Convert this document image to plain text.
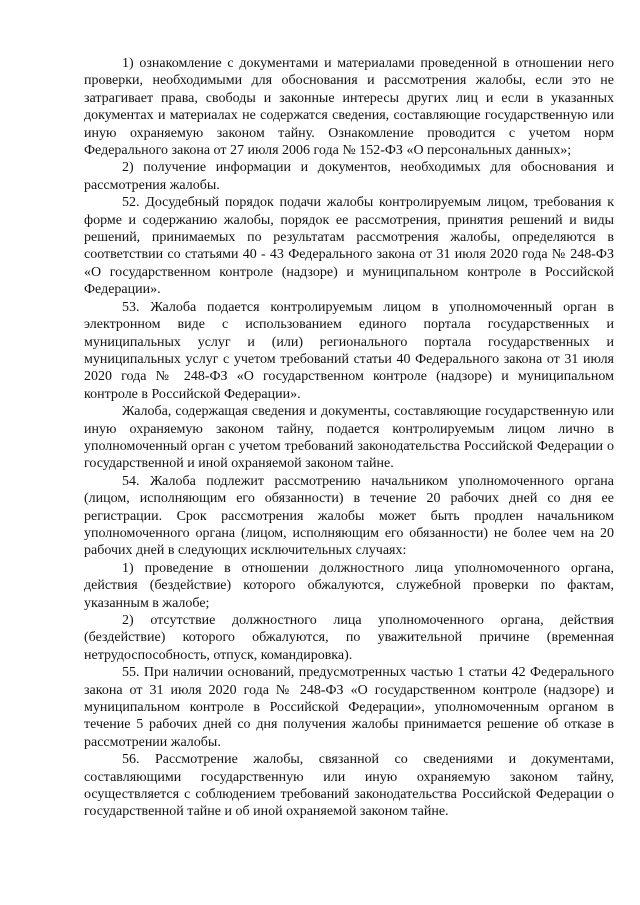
1) ознакомление с документами и материалами проведенной в отношении него проверки, необходимыми для обоснования и рассмотрения жалобы, если это не затрагивает права, свободы и законные интересы других лиц и если в указанных документах и материалах не содержатся сведения, составляющие государственную или иную охраняемую законом тайну. Ознакомление проводится с учетом норм Федерального закона от 27 июля 2006 года № 152-ФЗ «О персональных данных»;

2) получение информации и документов, необходимых для обоснования и рассмотрения жалобы.

52. Досудебный порядок подачи жалобы контролируемым лицом, требования к форме и содержанию жалобы, порядок ее рассмотрения, принятия решений и виды решений, принимаемых по результатам рассмотрения жалобы, определяются в соответствии со статьями 40 - 43 Федерального закона от 31 июля 2020 года № 248-ФЗ «О государственном контроле (надзоре) и муниципальном контроле в Российской Федерации».

53. Жалоба подается контролируемым лицом в уполномоченный орган в электронном виде с использованием единого портала государственных и муниципальных услуг и (или) регионального портала государственных и муниципальных услуг с учетом требований статьи 40 Федерального закона от 31 июля 2020 года № 248-ФЗ «О государственном контроле (надзоре) и муниципальном контроле в Российской Федерации».

Жалоба, содержащая сведения и документы, составляющие государственную или иную охраняемую законом тайну, подается контролируемым лицом лично в уполномоченный орган с учетом требований законодательства Российской Федерации о государственной и иной охраняемой законом тайне.

54. Жалоба подлежит рассмотрению начальником уполномоченного органа (лицом, исполняющим его обязанности) в течение 20 рабочих дней со дня ее регистрации. Срок рассмотрения жалобы может быть продлен начальником уполномоченного органа (лицом, исполняющим его обязанности) не более чем на 20 рабочих дней в следующих исключительных случаях:

1) проведение в отношении должностного лица уполномоченного органа, действия (бездействие) которого обжалуются, служебной проверки по фактам, указанным в жалобе;

2) отсутствие должностного лица уполномоченного органа, действия (бездействие) которого обжалуются, по уважительной причине (временная нетрудоспособность, отпуск, командировка).

55. При наличии оснований, предусмотренных частью 1 статьи 42 Федерального закона от 31 июля 2020 года № 248-ФЗ «О государственном контроле (надзоре) и муниципальном контроле в Российской Федерации», уполномоченным органом в течение 5 рабочих дней со дня получения жалобы принимается решение об отказе в рассмотрении жалобы.

56. Рассмотрение жалобы, связанной со сведениями и документами, составляющими государственную или иную охраняемую законом тайну, осуществляется с соблюдением требований законодательства Российской Федерации о государственной тайне и об иной охраняемой законом тайне.
